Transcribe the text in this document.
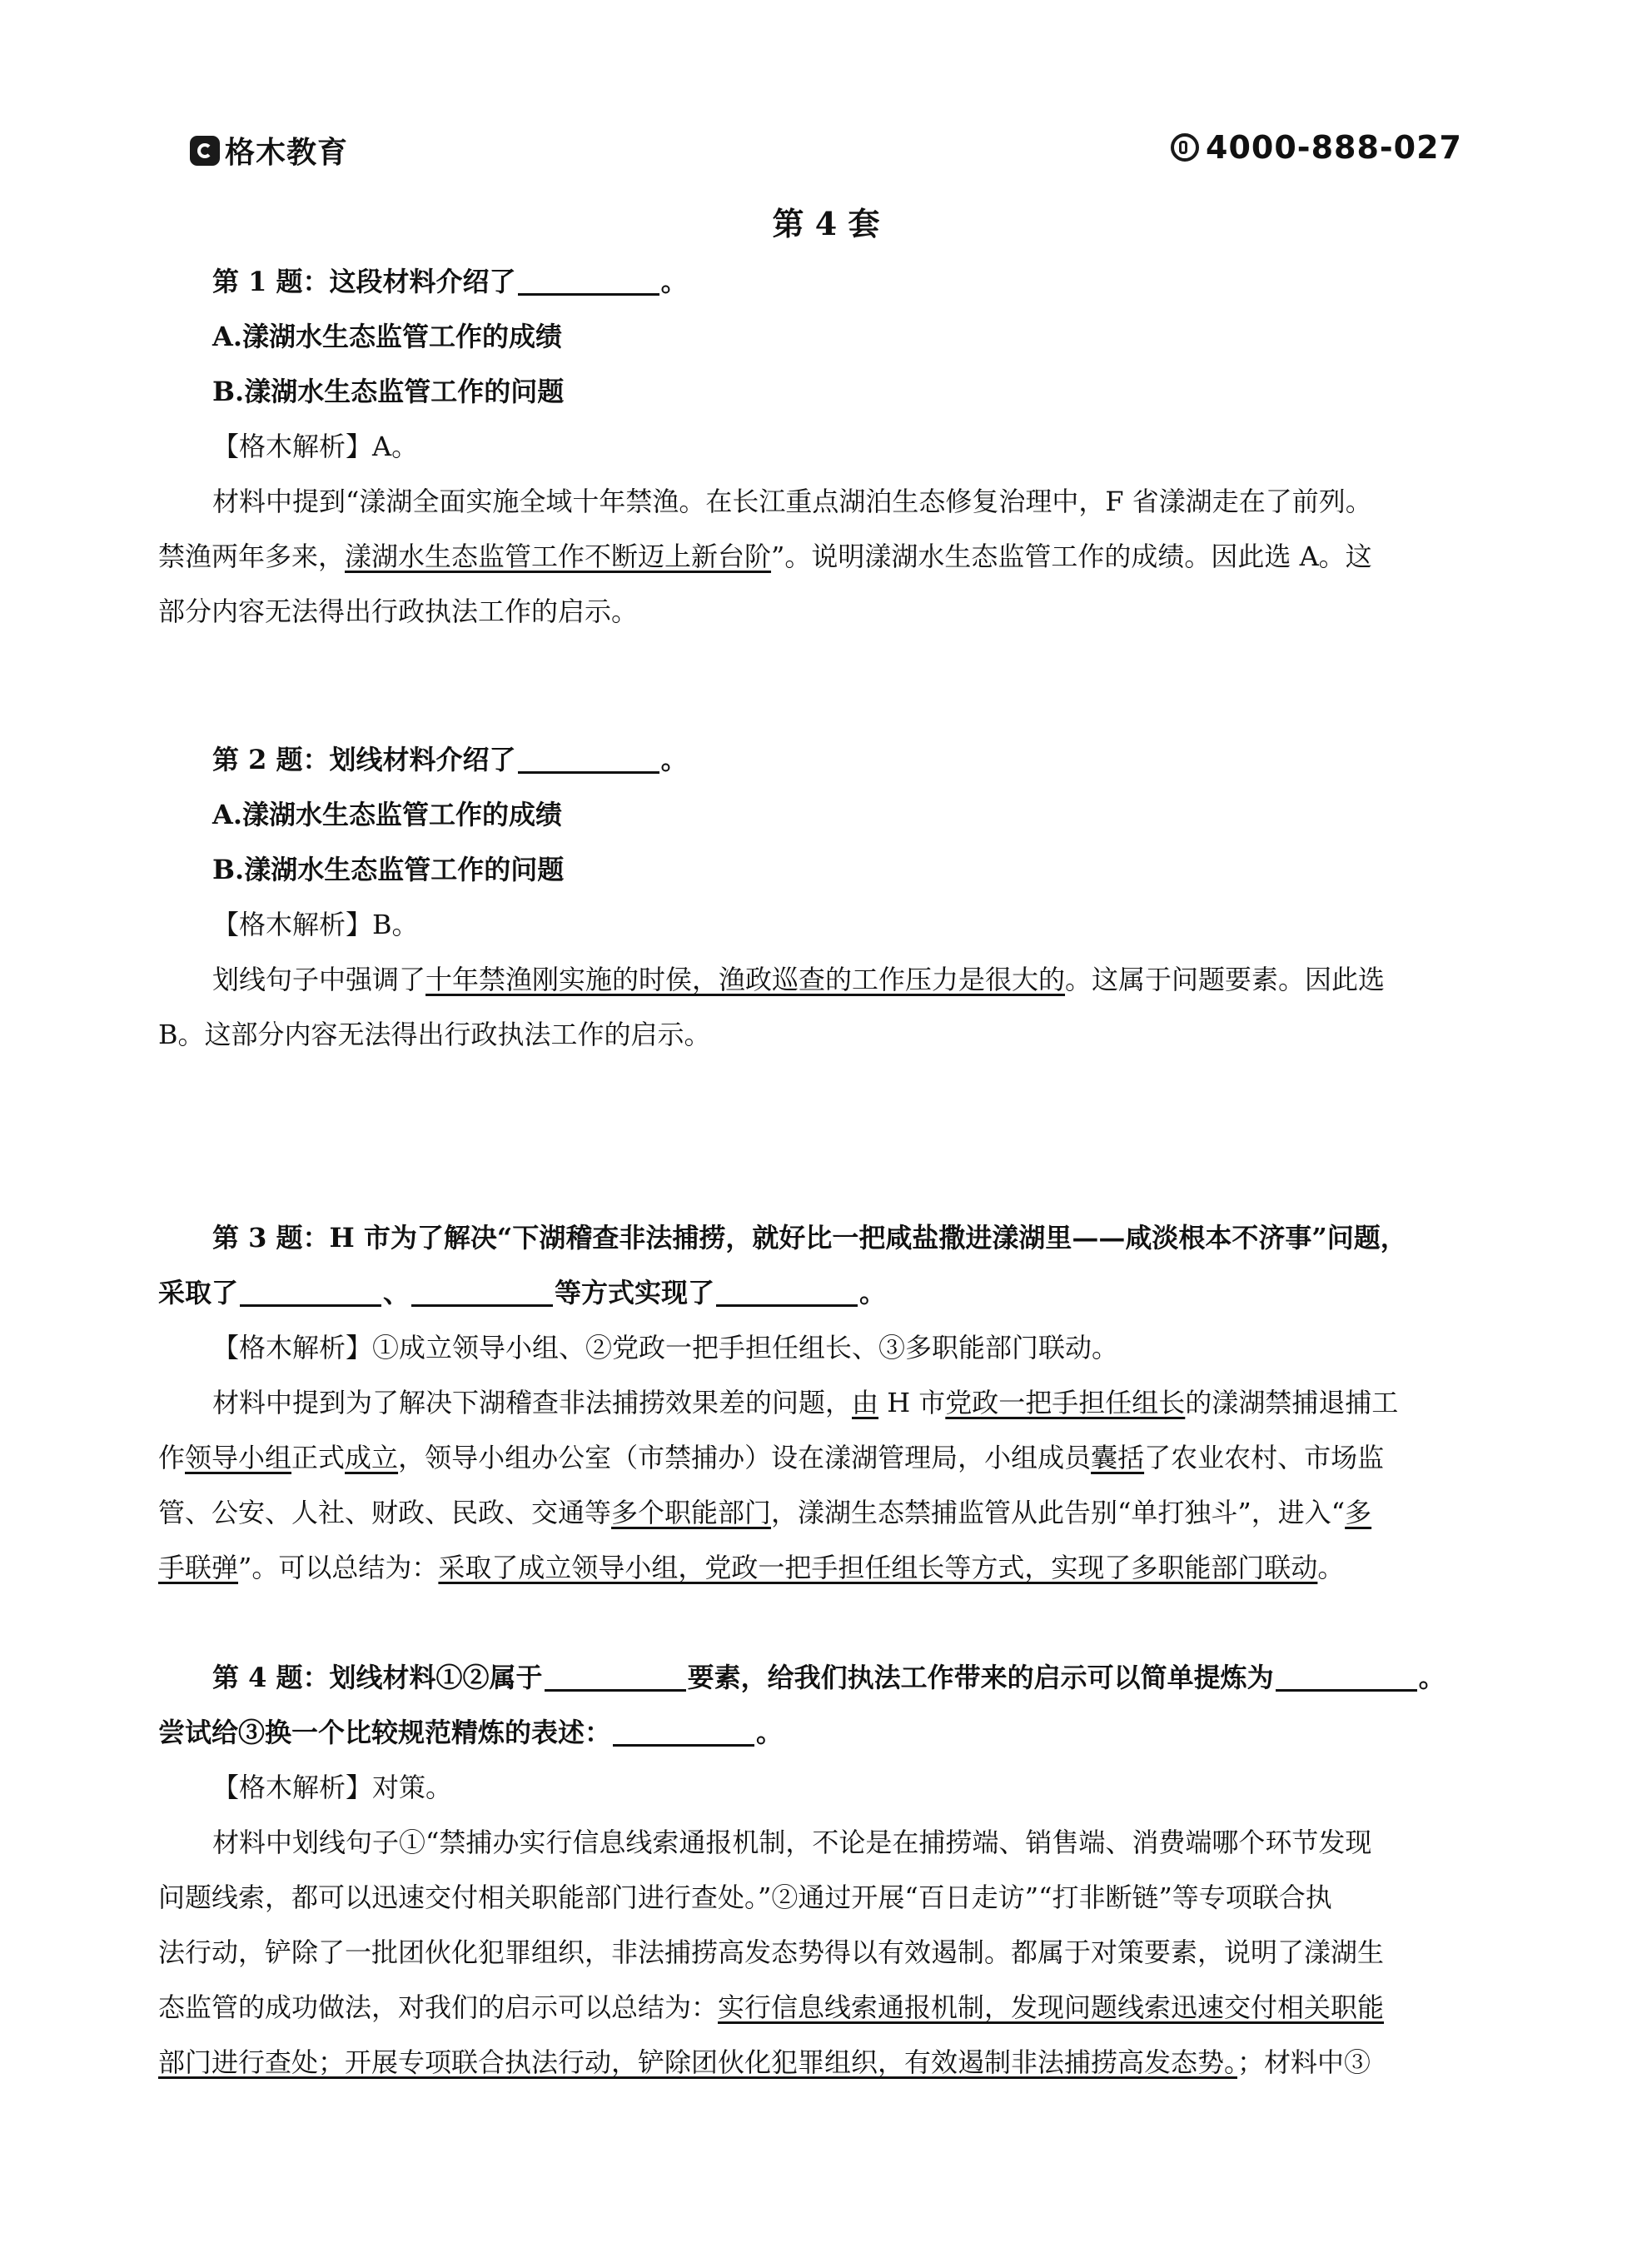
格木教育	4000-888-027
第 4 套
第 1 题：这段材料介绍了	。
A.漾湖水生态监管工作的成绩
B.漾湖水生态监管工作的问题
【格木解析】A。
材料中提到“漾湖全面实施全域十年禁渔。在长江重点湖泊生态修复治理中，F 省漾湖走在了前列。
禁渔两年多来，漾湖水生态监管工作不断迈上新台阶”。说明漾湖水生态监管工作的成绩。因此选 A。这
部分内容无法得出行政执法工作的启示。
第 2 题：划线材料介绍了	。
A.漾湖水生态监管工作的成绩
B.漾湖水生态监管工作的问题
【格木解析】B。
划线句子中强调了十年禁渔刚实施的时侯，渔政巡查的工作压力是很大的。这属于问题要素。因此选
B。这部分内容无法得出行政执法工作的启示。
第 3 题：H 市为了解决“下湖稽查非法捕捞，就好比一把咸盐撒进漾湖里——咸淡根本不济事”问题，
采取了	、	等方式实现了	。
【格木解析】①成立领导小组、②党政一把手担任组长、③多职能部门联动。
材料中提到为了解决下湖稽查非法捕捞效果差的问题，由 H 市党政一把手担任组长的漾湖禁捕退捕工
作领导小组正式成立，领导小组办公室（市禁捕办）设在漾湖管理局，小组成员囊括了农业农村、市场监
管、公安、人社、财政、民政、交通等多个职能部门，漾湖生态禁捕监管从此告别“单打独斗”，进入“多
手联弹”。可以总结为：采取了成立领导小组，党政一把手担任组长等方式，实现了多职能部门联动。
第 4 题：划线材料①②属于	要素，给我们执法工作带来的启示可以简单提炼为	。
尝试给③换一个比较规范精炼的表述：	。
【格木解析】对策。
材料中划线句子①“禁捕办实行信息线索通报机制，不论是在捕捞端、销售端、消费端哪个环节发现
问题线索，都可以迅速交付相关职能部门进行查处。”②通过开展“百日走访”“打非断链”等专项联合执
法行动，铲除了一批团伙化犯罪组织，非法捕捞高发态势得以有效遏制。都属于对策要素，说明了漾湖生
态监管的成功做法，对我们的启示可以总结为：实行信息线索通报机制，发现问题线索迅速交付相关职能
部门进行查处；开展专项联合执法行动，铲除团伙化犯罪组织，有效遏制非法捕捞高发态势。；材料中③
